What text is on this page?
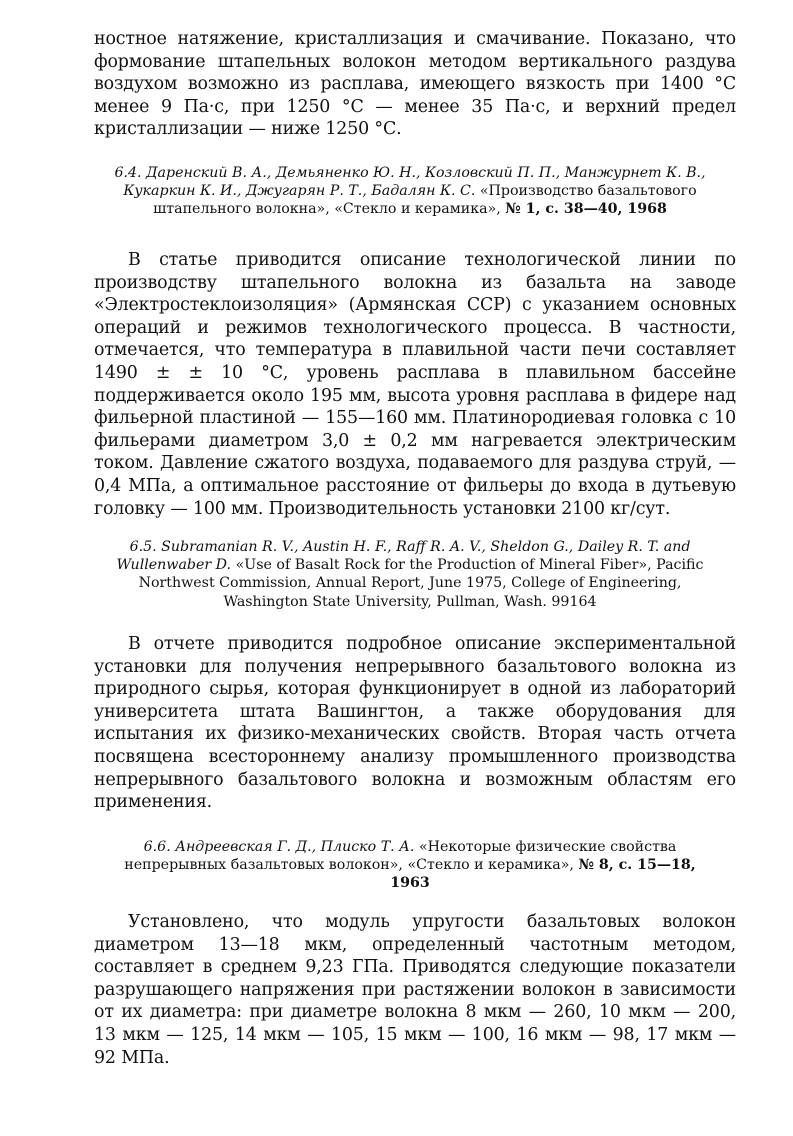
ностное натяжение, кристаллизация и смачивание. Показано, что формование штапельных волокон методом вертикального раздува воздухом возможно из расплава, имеющего вязкость при 1400 °С менее 9 Па·с, при 1250 °С — менее 35 Па·с, и верхний предел кристаллизации — ниже 1250 °С.

6.4. Даренский В. А., Демьяненко Ю. Н., Козловский П. П., Манжурнет К. В., Кукаркин К. И., Джугарян Р. Т., Бадалян К. С. «Производство базальтового штапельного волокна», «Стекло и керамика», № 1, с. 38—40, 1968

В статье приводится описание технологической линии по производству штапельного волокна из базальта на заводе «Электростеклоизоляция» (Армянская ССР) с указанием основных операций и режимов технологического процесса. В частности, отмечается, что температура в плавильной части печи составляет 1490 ± ± 10 °С, уровень расплава в плавильном бассейне поддерживается около 195 мм, высота уровня расплава в фидере над фильерной пластиной — 155—160 мм. Платинородиевая головка с 10 фильерами диаметром 3,0 ± 0,2 мм нагревается электрическим током. Давление сжатого воздуха, подаваемого для раздува струй, — 0,4 МПа, а оптимальное расстояние от фильеры до входа в дутьевую головку — 100 мм. Производительность установки 2100 кг/сут.

6.5. Subramanian R. V., Austin H. F., Raff R. A. V., Sheldon G., Dailey R. T. and Wullenwaber D. «Use of Basalt Rock for the Production of Mineral Fiber», Pacific Northwest Commission, Annual Report, June 1975, College of Engineering, Washington State University, Pullman, Wash. 99164

В отчете приводится подробное описание экспериментальной установки для получения непрерывного базальтового волокна из природного сырья, которая функционирует в одной из лабораторий университета штата Вашингтон, а также оборудования для испытания их физико-механических свойств. Вторая часть отчета посвящена всестороннему анализу промышленного производства непрерывного базальтового волокна и возможным областям его применения.

6.6. Андреевская Г. Д., Плиско Т. А. «Некоторые физические свойства непрерывных базальтовых волокон», «Стекло и керамика», № 8, с. 15—18, 1963

Установлено, что модуль упругости базальтовых волокон диаметром 13—18 мкм, определенный частотным методом, составляет в среднем 9,23 ГПа. Приводятся следующие показатели разрушающего напряжения при растяжении волокон в зависимости от их диаметра: при диаметре волокна 8 мкм — 260, 10 мкм — 200, 13 мкм — 125, 14 мкм — 105, 15 мкм — 100, 16 мкм — 98, 17 мкм — 92 МПа.
